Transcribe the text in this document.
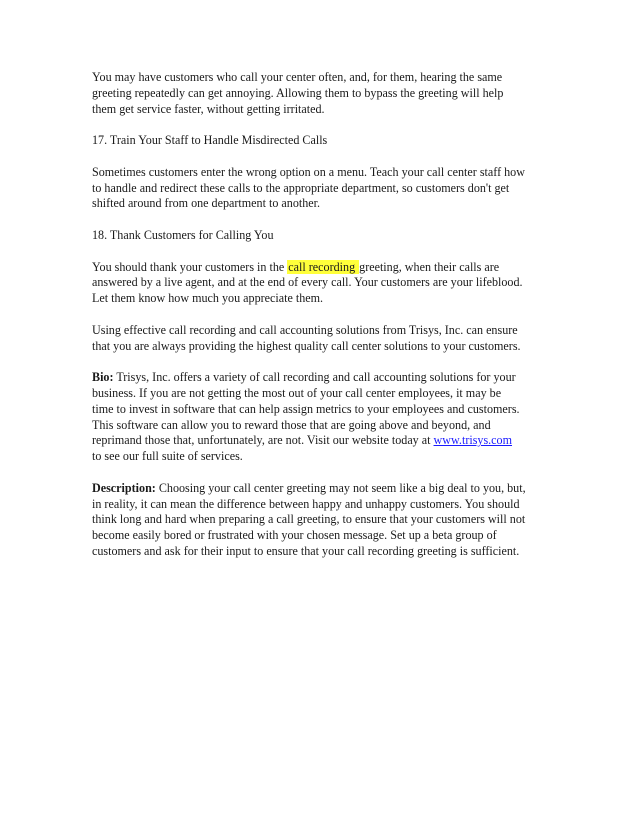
You may have customers who call your center often, and, for them, hearing the same
greeting repeatedly can get annoying. Allowing them to bypass the greeting will help
them get service faster, without getting irritated.

17. Train Your Staff to Handle Misdirected Calls

Sometimes customers enter the wrong option on a menu. Teach your call center staff how
to handle and redirect these calls to the appropriate department, so customers don't get
shifted around from one department to another.

18. Thank Customers for Calling You

You should thank your customers in the call recording greeting, when their calls are
answered by a live agent, and at the end of every call. Your customers are your lifeblood.
Let them know how much you appreciate them.

Using effective call recording and call accounting solutions from Trisys, Inc. can ensure
that you are always providing the highest quality call center solutions to your customers.

Bio: Trisys, Inc. offers a variety of call recording and call accounting solutions for your
business. If you are not getting the most out of your call center employees, it may be
time to invest in software that can help assign metrics to your employees and customers.
This software can allow you to reward those that are going above and beyond, and
reprimand those that, unfortunately, are not. Visit our website today at www.trisys.com
to see our full suite of services.

Description: Choosing your call center greeting may not seem like a big deal to you, but,
in reality, it can mean the difference between happy and unhappy customers. You should
think long and hard when preparing a call greeting, to ensure that your customers will not
become easily bored or frustrated with your chosen message. Set up a beta group of
customers and ask for their input to ensure that your call recording greeting is sufficient.
